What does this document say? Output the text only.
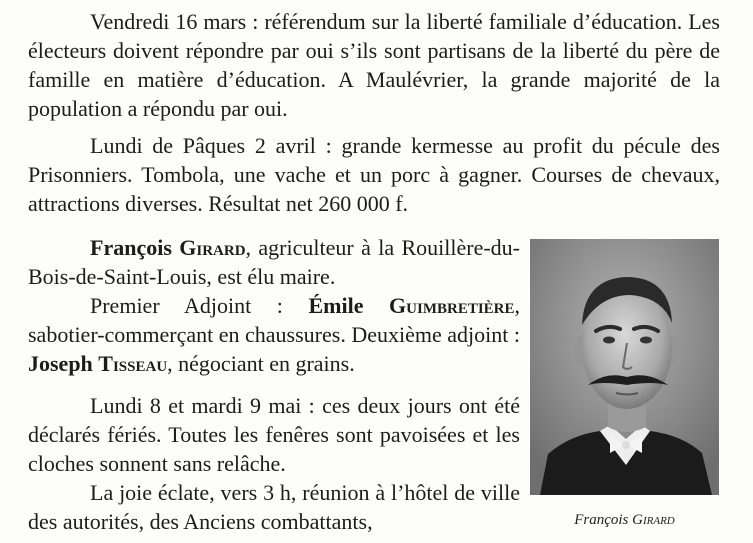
Vendredi 16 mars : référendum sur la liberté familiale d’éducation. Les électeurs doivent répondre par oui s’ils sont partisans de la liberté du père de famille en matière d’éducation. A Maulévrier, la grande majorité de la population a répondu par oui.

Lundi de Pâques 2 avril : grande kermesse au profit du pécule des Prisonniers. Tombola, une vache et un porc à gagner. Courses de chevaux, attractions diverses. Résultat net 260 000 f.

François Girard, agriculteur à la Rouillère-du-Bois-de-Saint-Louis, est élu maire.

Premier Adjoint : Émile Guimbretière, sabotier-commerçant en chaussures. Deuxième adjoint : Joseph Tisseau, négociant en grains.

Lundi 8 et mardi 9 mai : ces deux jours ont été déclarés fériés. Toutes les fenêres sont pavoisées et les cloches sonnent sans relâche.

La joie éclate, vers 3 h, réunion à l’hôtel de ville des autorités, des Anciens combattants,	François Girard
